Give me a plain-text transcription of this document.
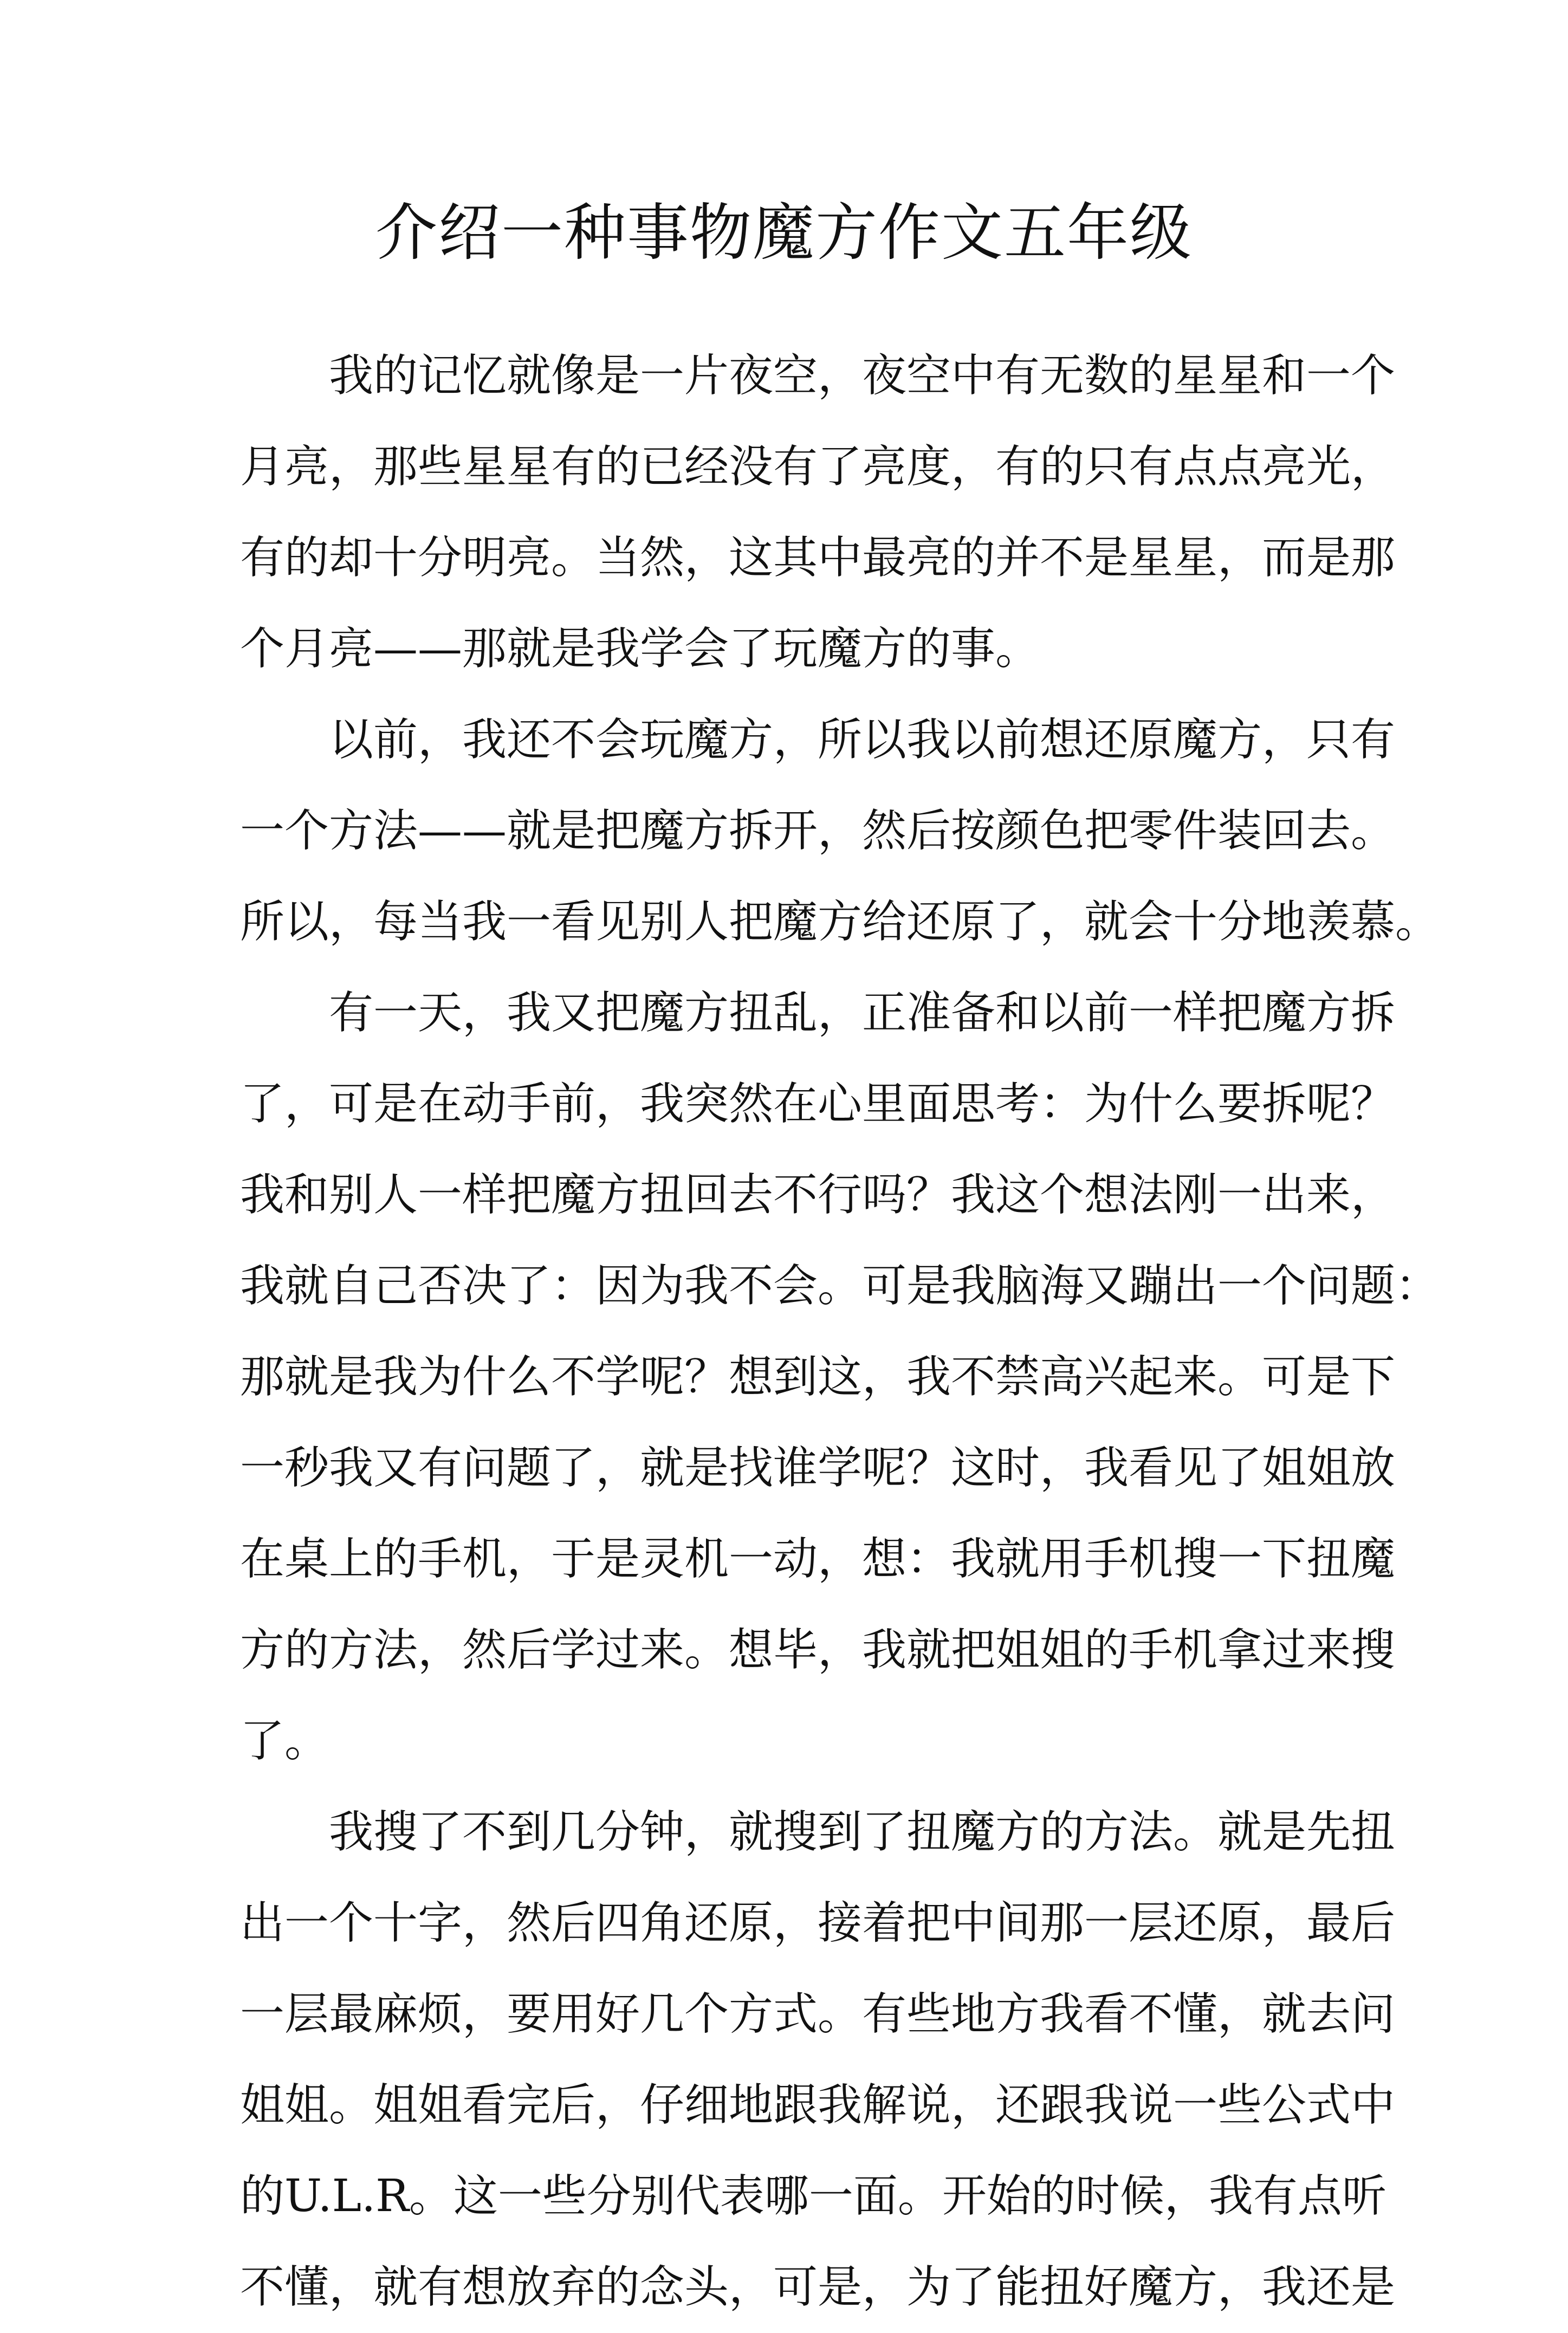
介绍一种事物魔方作文五年级
我的记忆就像是一片夜空，夜空中有无数的星星和一个
月亮，那些星星有的已经没有了亮度，有的只有点点亮光，
有的却十分明亮。当然，这其中最亮的并不是星星，而是那
个月亮——那就是我学会了玩魔方的事。
以前，我还不会玩魔方，所以我以前想还原魔方，只有
一个方法——就是把魔方拆开，然后按颜色把零件装回去。
所以，每当我一看见别人把魔方给还原了，就会十分地羡慕。
有一天，我又把魔方扭乱，正准备和以前一样把魔方拆
了，可是在动手前，我突然在心里面思考：为什么要拆呢？
我和别人一样把魔方扭回去不行吗？我这个想法刚一出来，
我就自己否决了：因为我不会。可是我脑海又蹦出一个问题：
那就是我为什么不学呢？想到这，我不禁高兴起来。可是下
一秒我又有问题了，就是找谁学呢？这时，我看见了姐姐放
在桌上的手机，于是灵机一动，想：我就用手机搜一下扭魔
方的方法，然后学过来。想毕，我就把姐姐的手机拿过来搜
了。
我搜了不到几分钟，就搜到了扭魔方的方法。就是先扭
出一个十字，然后四角还原，接着把中间那一层还原，最后
一层最麻烦，要用好几个方式。有些地方我看不懂，就去问
姐姐。姐姐看完后，仔细地跟我解说，还跟我说一些公式中
的U.L.R。这一些分别代表哪一面。开始的时候，我有点听
不懂，就有想放弃的念头，可是，为了能扭好魔方，我还是
